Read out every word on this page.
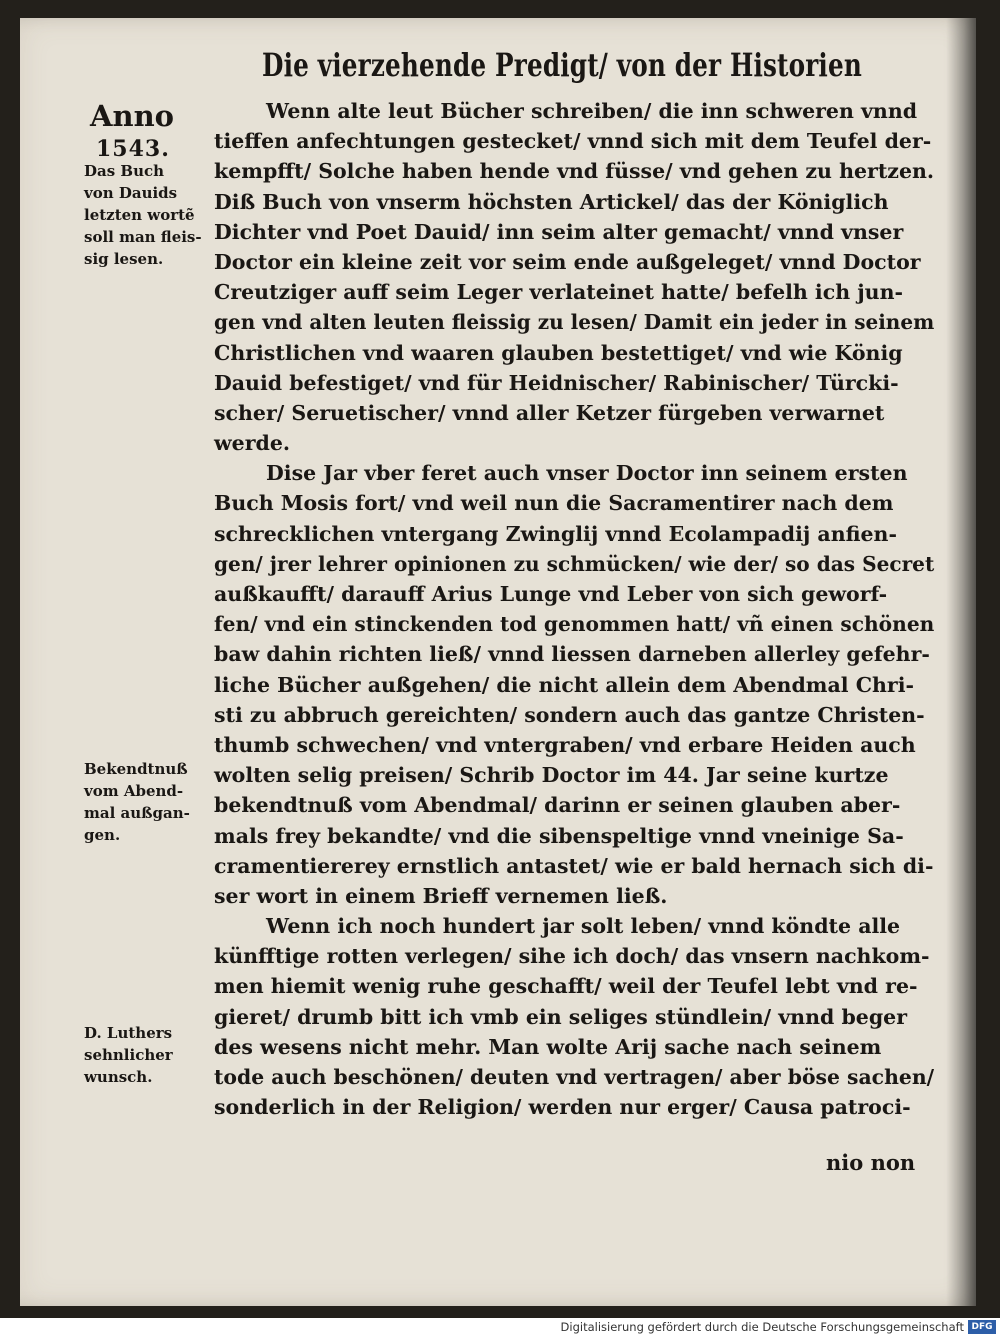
Die vierzehende Predigt/ von der Historien
Anno
1543.
Das Buch
von Dauids
letzten wortẽ
soll man fleis-
sig lesen.
Bekendtnuß
vom Abend-
mal außgan-
gen.
D. Luthers
sehnlicher
wunsch.
Wenn alte leut Bücher schreiben/ die inn schweren vnnd
tieffen anfechtungen gestecket/ vnnd sich mit dem Teufel der-
kempfft/ Solche haben hende vnd füsse/ vnd gehen zu hertzen.
Diß Buch von vnserm höchsten Artickel/ das der Königlich
Dichter vnd Poet Dauid/ inn seim alter gemacht/ vnnd vnser
Doctor ein kleine zeit vor seim ende außgeleget/ vnnd Doctor
Creutziger auff seim Leger verlateinet hatte/ befelh ich jun-
gen vnd alten leuten fleissig zu lesen/ Damit ein jeder in seinem
Christlichen vnd waaren glauben bestettiget/ vnd wie König
Dauid befestiget/ vnd für Heidnischer/ Rabinischer/ Türcki-
scher/ Seruetischer/ vnnd aller Ketzer fürgeben verwarnet
werde.
Dise Jar vber feret auch vnser Doctor inn seinem ersten
Buch Mosis fort/ vnd weil nun die Sacramentirer nach dem
schrecklichen vntergang Zwinglij vnnd Ecolampadij anfien-
gen/ jrer lehrer opinionen zu schmücken/ wie der/ so das Secret
außkaufft/ darauff Arius Lunge vnd Leber von sich geworf-
fen/ vnd ein stinckenden tod genommen hatt/ vñ einen schönen
baw dahin richten ließ/ vnnd liessen darneben allerley gefehr-
liche Bücher außgehen/ die nicht allein dem Abendmal Chri-
sti zu abbruch gereichten/ sondern auch das gantze Christen-
thumb schwechen/ vnd vntergraben/ vnd erbare Heiden auch
wolten selig preisen/ Schrib Doctor im 44. Jar seine kurtze
bekendtnuß vom Abendmal/ darinn er seinen glauben aber-
mals frey bekandte/ vnd die sibenspeltige vnnd vneinige Sa-
cramentiererey ernstlich antastet/ wie er bald hernach sich di-
ser wort in einem Brieff vernemen ließ.
Wenn ich noch hundert jar solt leben/ vnnd köndte alle
künfftige rotten verlegen/ sihe ich doch/ das vnsern nachkom-
men hiemit wenig ruhe geschafft/ weil der Teufel lebt vnd re-
gieret/ drumb bitt ich vmb ein seliges stündlein/ vnnd beger
des wesens nicht mehr. Man wolte Arij sache nach seinem
tode auch beschönen/ deuten vnd vertragen/ aber böse sachen/
sonderlich in der Religion/ werden nur erger/ Causa patroci-
nio non
Digitalisierung gefördert durch die Deutsche Forschungsgemeinschaft DFG
